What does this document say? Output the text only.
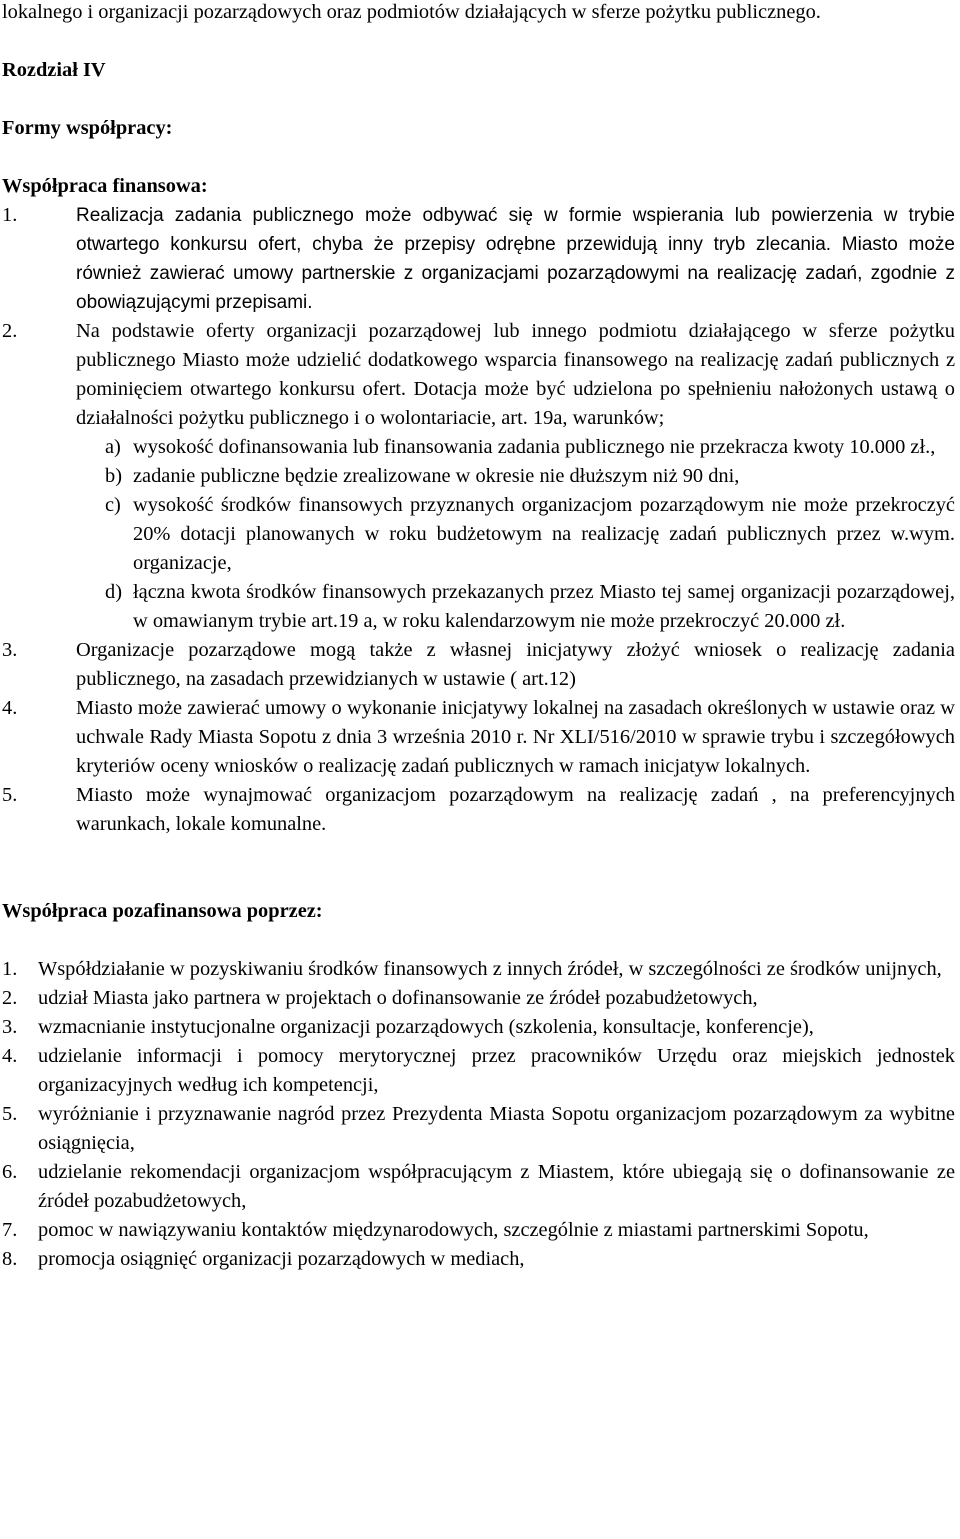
lokalnego i organizacji pozarządowych oraz podmiotów działających w sferze pożytku publicznego.

Rozdział IV

Formy współpracy:

Współpraca finansowa:

1.	Realizacja zadania publicznego może odbywać się w formie wspierania lub powierzenia w trybie otwartego konkursu ofert, chyba że przepisy odrębne przewidują inny tryb zlecania. Miasto może również zawierać umowy partnerskie z organizacjami pozarządowymi na realizację zadań, zgodnie z obowiązującymi przepisami.
2.	Na podstawie oferty organizacji pozarządowej lub innego podmiotu działającego w sferze pożytku publicznego Miasto może udzielić dodatkowego wsparcia finansowego na realizację zadań publicznych z pominięciem otwartego konkursu ofert. Dotacja może być udzielona po spełnieniu nałożonych ustawą o działalności pożytku publicznego i o wolontariacie, art. 19a, warunków;
a) wysokość dofinansowania lub finansowania zadania publicznego nie przekracza kwoty 10.000 zł.,
b) zadanie publiczne będzie zrealizowane w okresie nie dłuższym niż 90 dni,
c) wysokość środków finansowych przyznanych organizacjom pozarządowym nie może przekroczyć 20% dotacji planowanych w roku budżetowym na realizację zadań publicznych przez w.wym. organizacje,
d) łączna kwota środków finansowych przekazanych przez Miasto tej samej organizacji pozarządowej, w omawianym trybie art.19 a, w roku kalendarzowym nie może przekroczyć 20.000 zł.
3.	Organizacje pozarządowe mogą także z własnej inicjatywy złożyć wniosek o realizację zadania publicznego, na zasadach przewidzianych w ustawie ( art.12)
4.	Miasto może zawierać umowy o wykonanie inicjatywy lokalnej na zasadach określonych w ustawie oraz w uchwale Rady Miasta Sopotu z dnia 3 września 2010 r. Nr XLI/516/2010 w sprawie trybu i szczegółowych kryteriów oceny wniosków o realizację zadań publicznych w ramach inicjatyw lokalnych.
5.	Miasto może wynajmować organizacjom pozarządowym na realizację zadań , na preferencyjnych warunkach, lokale komunalne.

Współpraca pozafinansowa poprzez:

1. Współdziałanie w pozyskiwaniu środków finansowych z innych źródeł, w szczególności ze środków unijnych,
2. udział Miasta jako partnera w projektach o dofinansowanie ze źródeł pozabudżetowych,
3. wzmacnianie instytucjonalne organizacji pozarządowych (szkolenia, konsultacje, konferencje),
4. udzielanie informacji i pomocy merytorycznej przez pracowników Urzędu oraz miejskich jednostek organizacyjnych według ich kompetencji,
5. wyróżnianie i przyznawanie nagród przez Prezydenta Miasta Sopotu organizacjom pozarządowym za wybitne osiągnięcia,
6. udzielanie rekomendacji organizacjom współpracującym z Miastem, które ubiegają się o dofinansowanie ze źródeł pozabudżetowych,
7. pomoc w nawiązywaniu kontaktów międzynarodowych, szczególnie z miastami partnerskimi Sopotu,
8. promocja osiągnięć organizacji pozarządowych w mediach,
